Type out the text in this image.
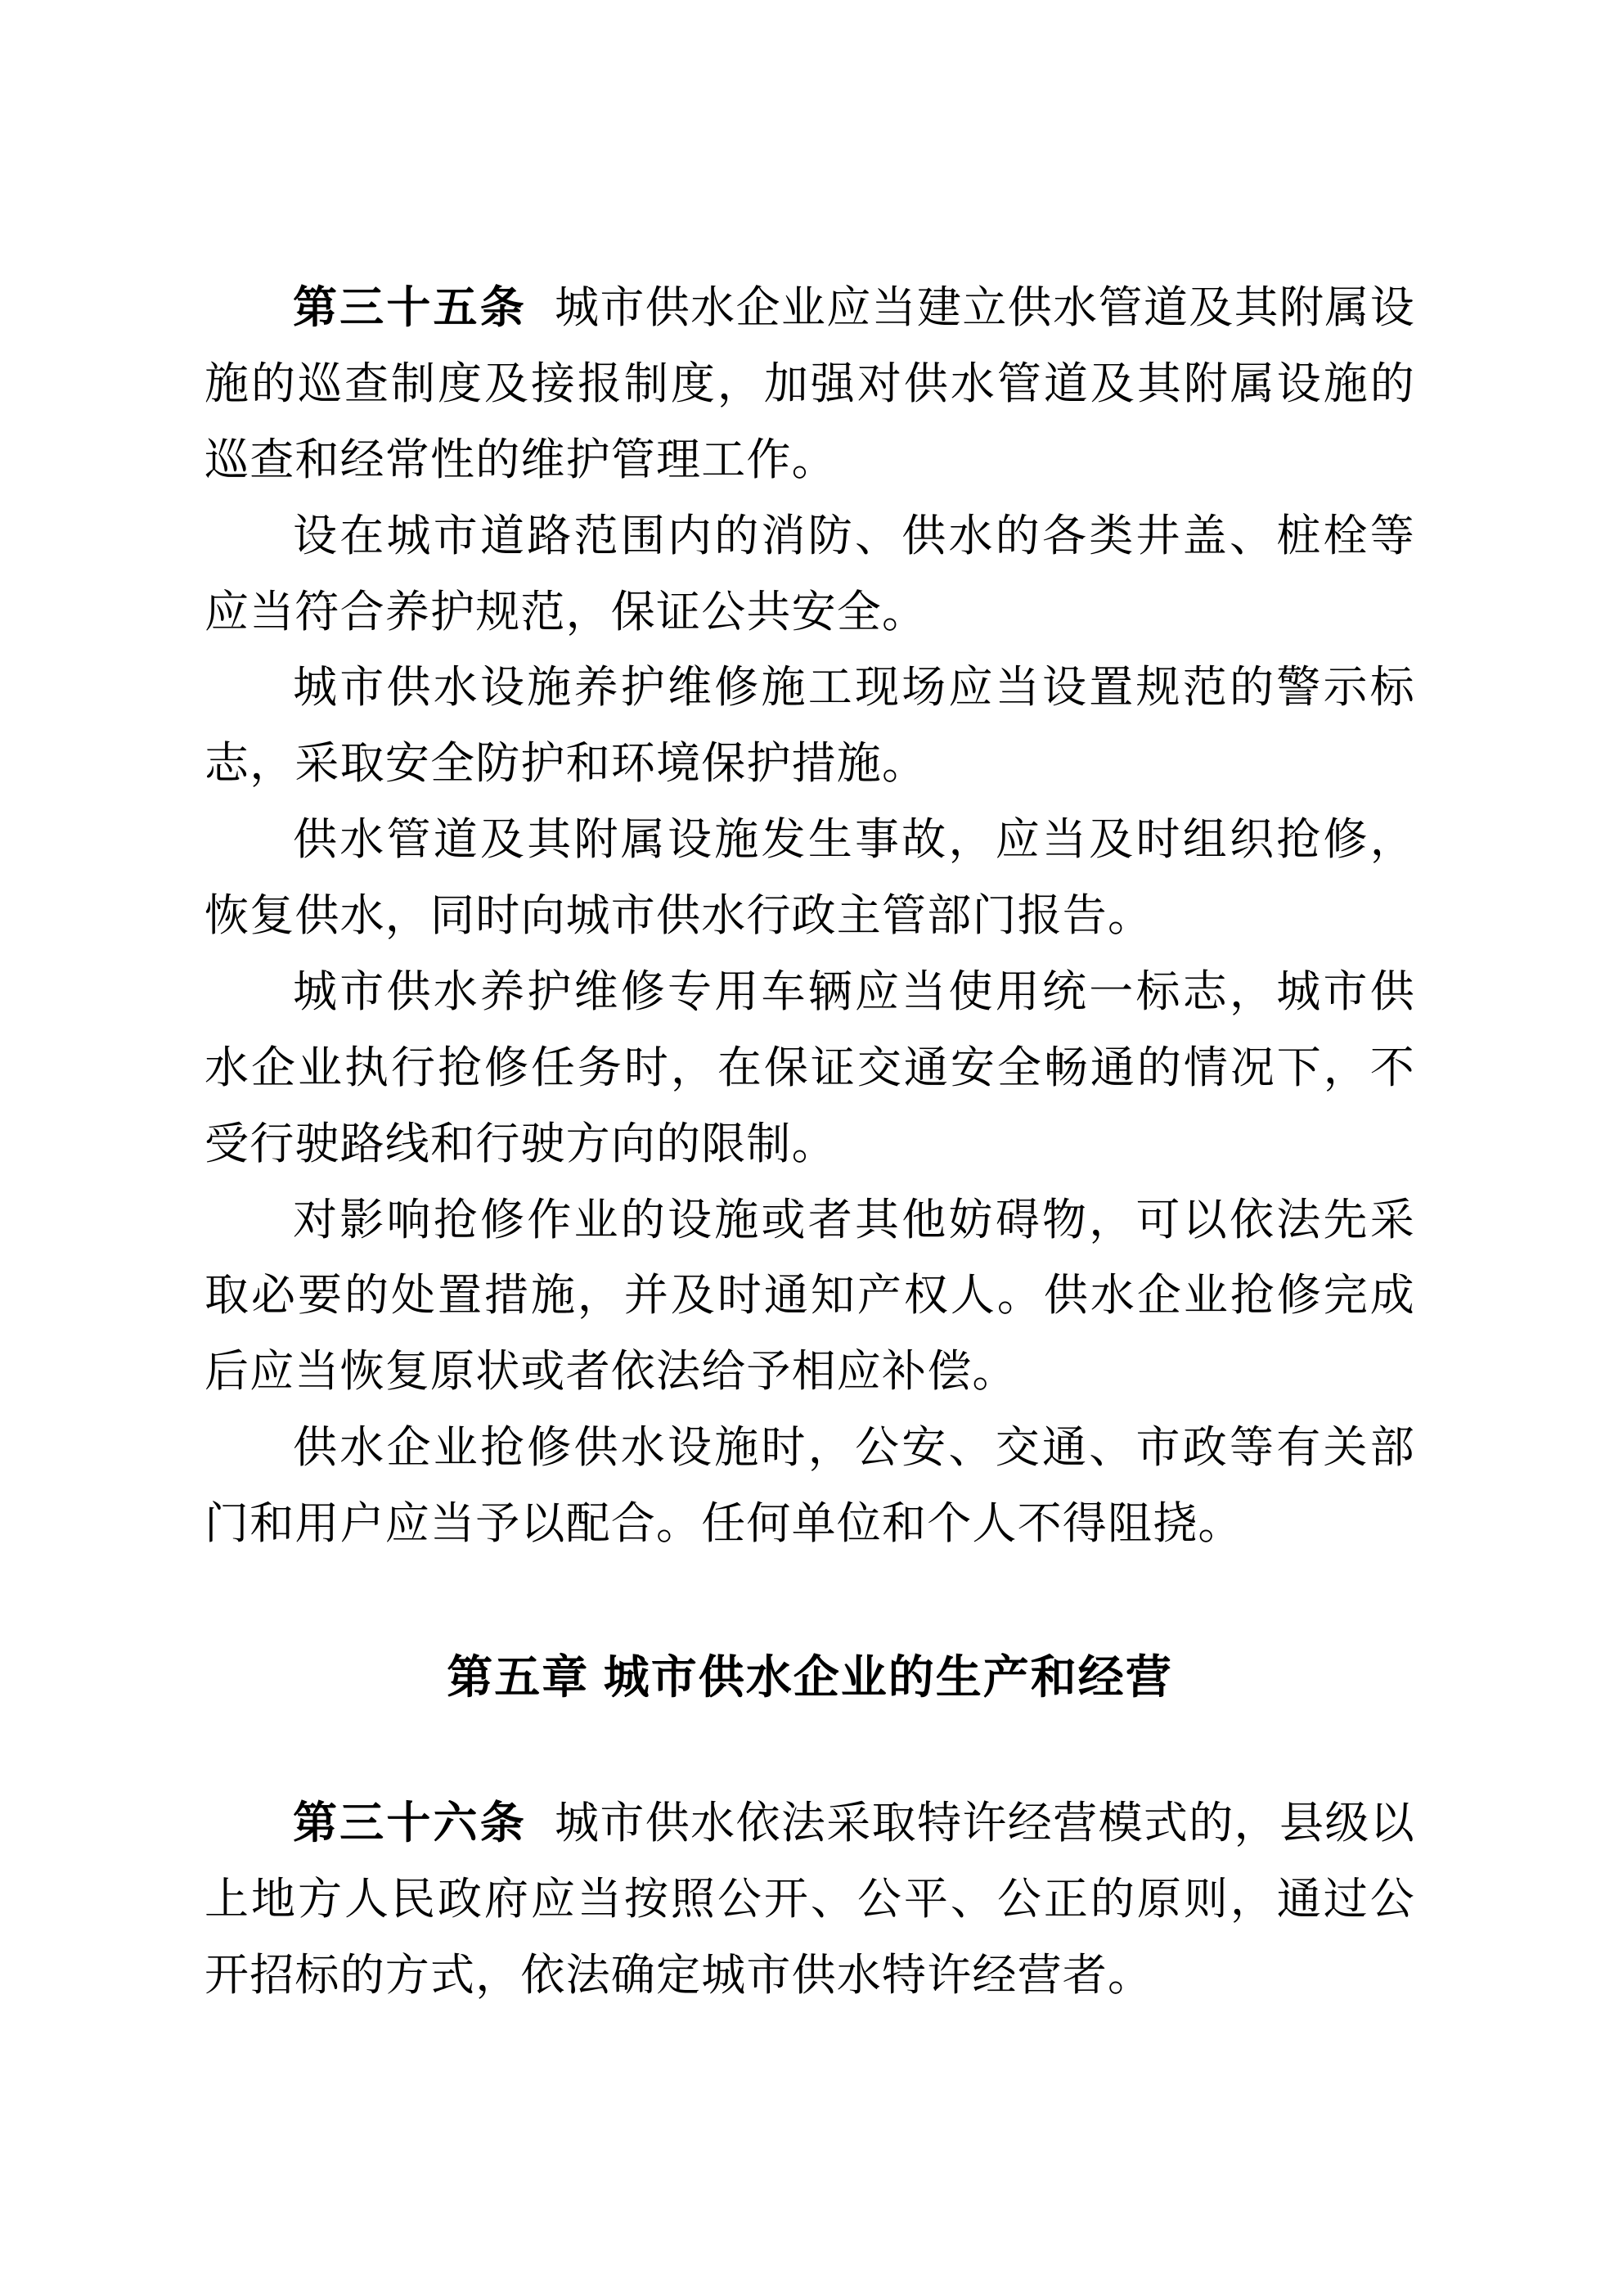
第三十五条 城市供水企业应当建立供水管道及其附属设施的巡查制度及接报制度，加强对供水管道及其附属设施的巡查和经常性的维护管理工作。

设在城市道路范围内的消防、供水的各类井盖、桩栓等应当符合养护规范，保证公共安全。

城市供水设施养护维修施工现场应当设置规范的警示标志，采取安全防护和环境保护措施。

供水管道及其附属设施发生事故，应当及时组织抢修，恢复供水，同时向城市供水行政主管部门报告。

城市供水养护维修专用车辆应当使用统一标志，城市供水企业执行抢修任务时，在保证交通安全畅通的情况下，不受行驶路线和行驶方向的限制。

对影响抢修作业的设施或者其他妨碍物，可以依法先采取必要的处置措施，并及时通知产权人。供水企业抢修完成后应当恢复原状或者依法给予相应补偿。

供水企业抢修供水设施时，公安、交通、市政等有关部门和用户应当予以配合。任何单位和个人不得阻挠。

第五章 城市供水企业的生产和经营

第三十六条 城市供水依法采取特许经营模式的，县级以上地方人民政府应当按照公开、公平、公正的原则，通过公开招标的方式，依法确定城市供水特许经营者。
